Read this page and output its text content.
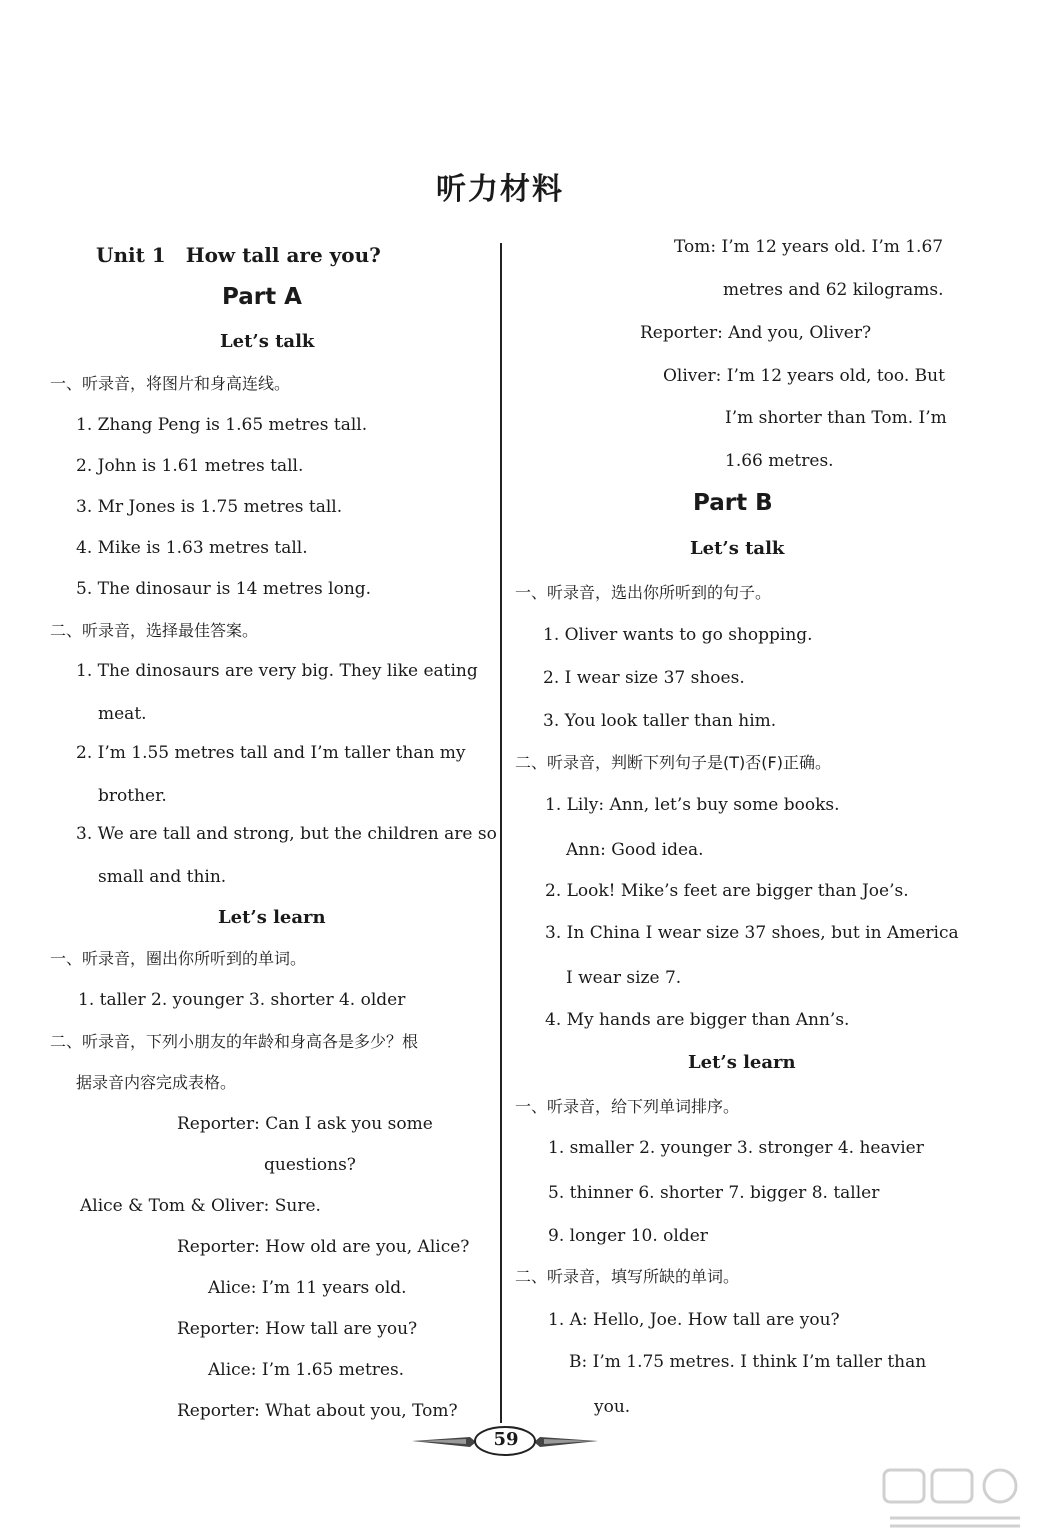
听力材料
Unit 1　How tall are you?
Part A
Let’s talk
一、听录音，将图片和身高连线。
1. Zhang Peng is 1.65 metres tall.
2. John is 1.61 metres tall.
3. Mr Jones is 1.75 metres tall.
4. Mike is 1.63 metres tall.
5. The dinosaur is 14 metres long.
二、听录音，选择最佳答案。
1. The dinosaurs are very big. They like eating
meat.
2. I’m 1.55 metres tall and I’m taller than my
brother.
3. We are tall and strong, but the children are so
small and thin.
Let’s learn
一、听录音，圈出你所听到的单词。
1. taller 2. younger 3. shorter 4. older
二、听录音，下列小朋友的年龄和身高各是多少？根
据录音内容完成表格。
Reporter: Can I ask you some
questions?
Alice & Tom & Oliver: Sure.
Reporter: How old are you, Alice?
Alice: I’m 11 years old.
Reporter: How tall are you?
Alice: I’m 1.65 metres.
Reporter: What about you, Tom?
Tom: I’m 12 years old. I’m 1.67
metres and 62 kilograms.
Reporter: And you, Oliver?
Oliver: I’m 12 years old, too. But
I’m shorter than Tom. I’m
1.66 metres.
Part B
Let’s talk
一、听录音，选出你所听到的句子。
1. Oliver wants to go shopping.
2. I wear size 37 shoes.
3. You look taller than him.
二、听录音，判断下列句子是(T)否(F)正确。
1. Lily: Ann, let’s buy some books.
Ann: Good idea.
2. Look! Mike’s feet are bigger than Joe’s.
3. In China I wear size 37 shoes, but in America
I wear size 7.
4. My hands are bigger than Ann’s.
Let’s learn
一、听录音，给下列单词排序。
1. smaller 2. younger 3. stronger 4. heavier
5. thinner 6. shorter 7. bigger 8. taller
9. longer 10. older
二、听录音，填写所缺的单词。
1. A: Hello, Joe. How tall are you?
B: I’m 1.75 metres. I think I’m taller than
you.
59
